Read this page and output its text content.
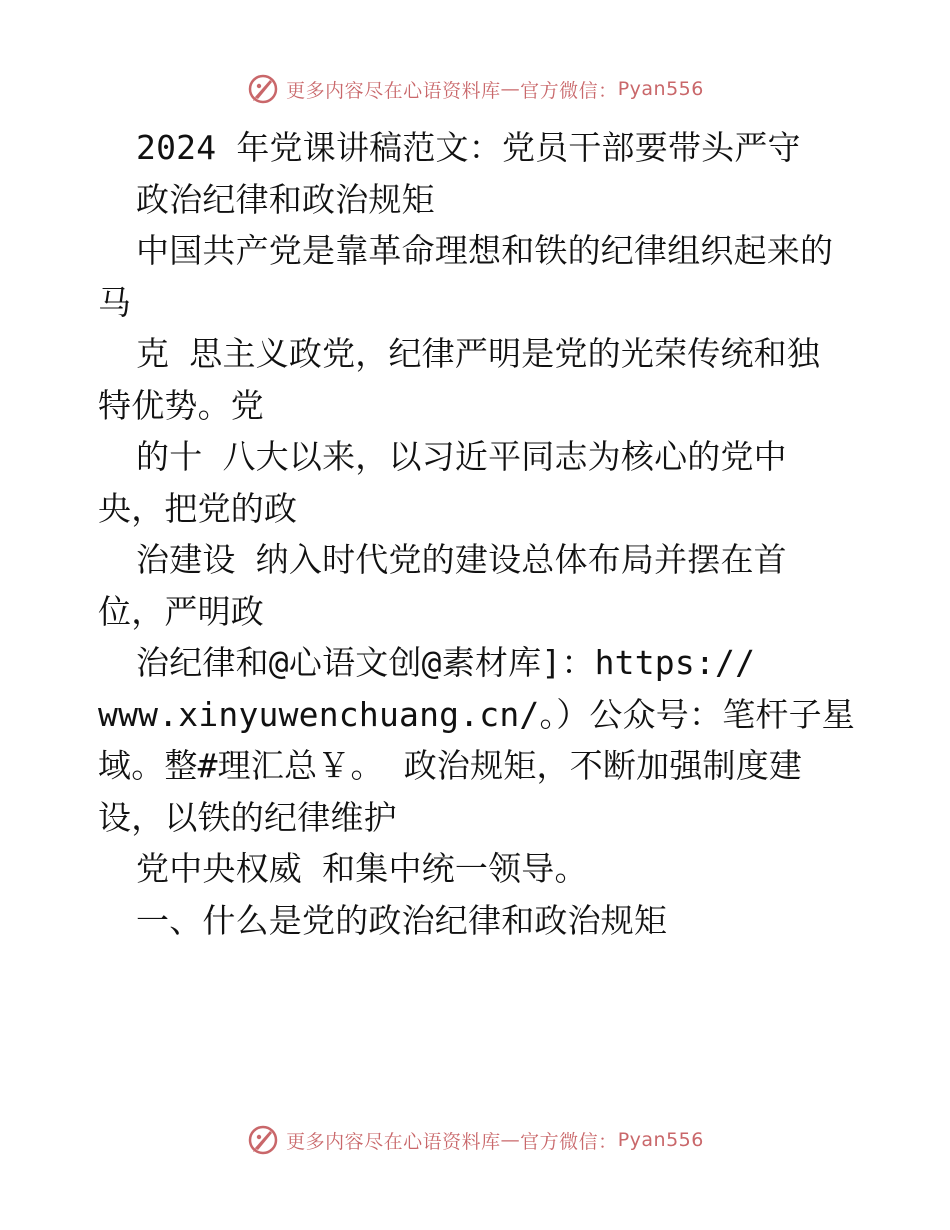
更多内容尽在心语资料库 — 官方微信： Pyan556
2024 年党课讲稿范文：党员干部要带头严守
政治纪律和政治规矩
中国共产党是靠革命理想和铁的纪律组织起来的
马
克 思主义政党，纪律严明是党的光荣传统和独
特优势。党
的十 八大以来，以习近平同志为核心的党中
央，把党的政
治建设 纳入时代党的建设总体布局并摆在首
位，严明政
治纪律和@心语文创@素材库]：https://
www.xinyuwenchuang.cn/。）公众号：笔杆子星
域。整#理汇总￥。 政治规矩，不断加强制度建
设，以铁的纪律维护
党中央权威 和集中统一领导。
一、什么是党的政治纪律和政治规矩
更多内容尽在心语资料库 — 官方微信： Pyan556
